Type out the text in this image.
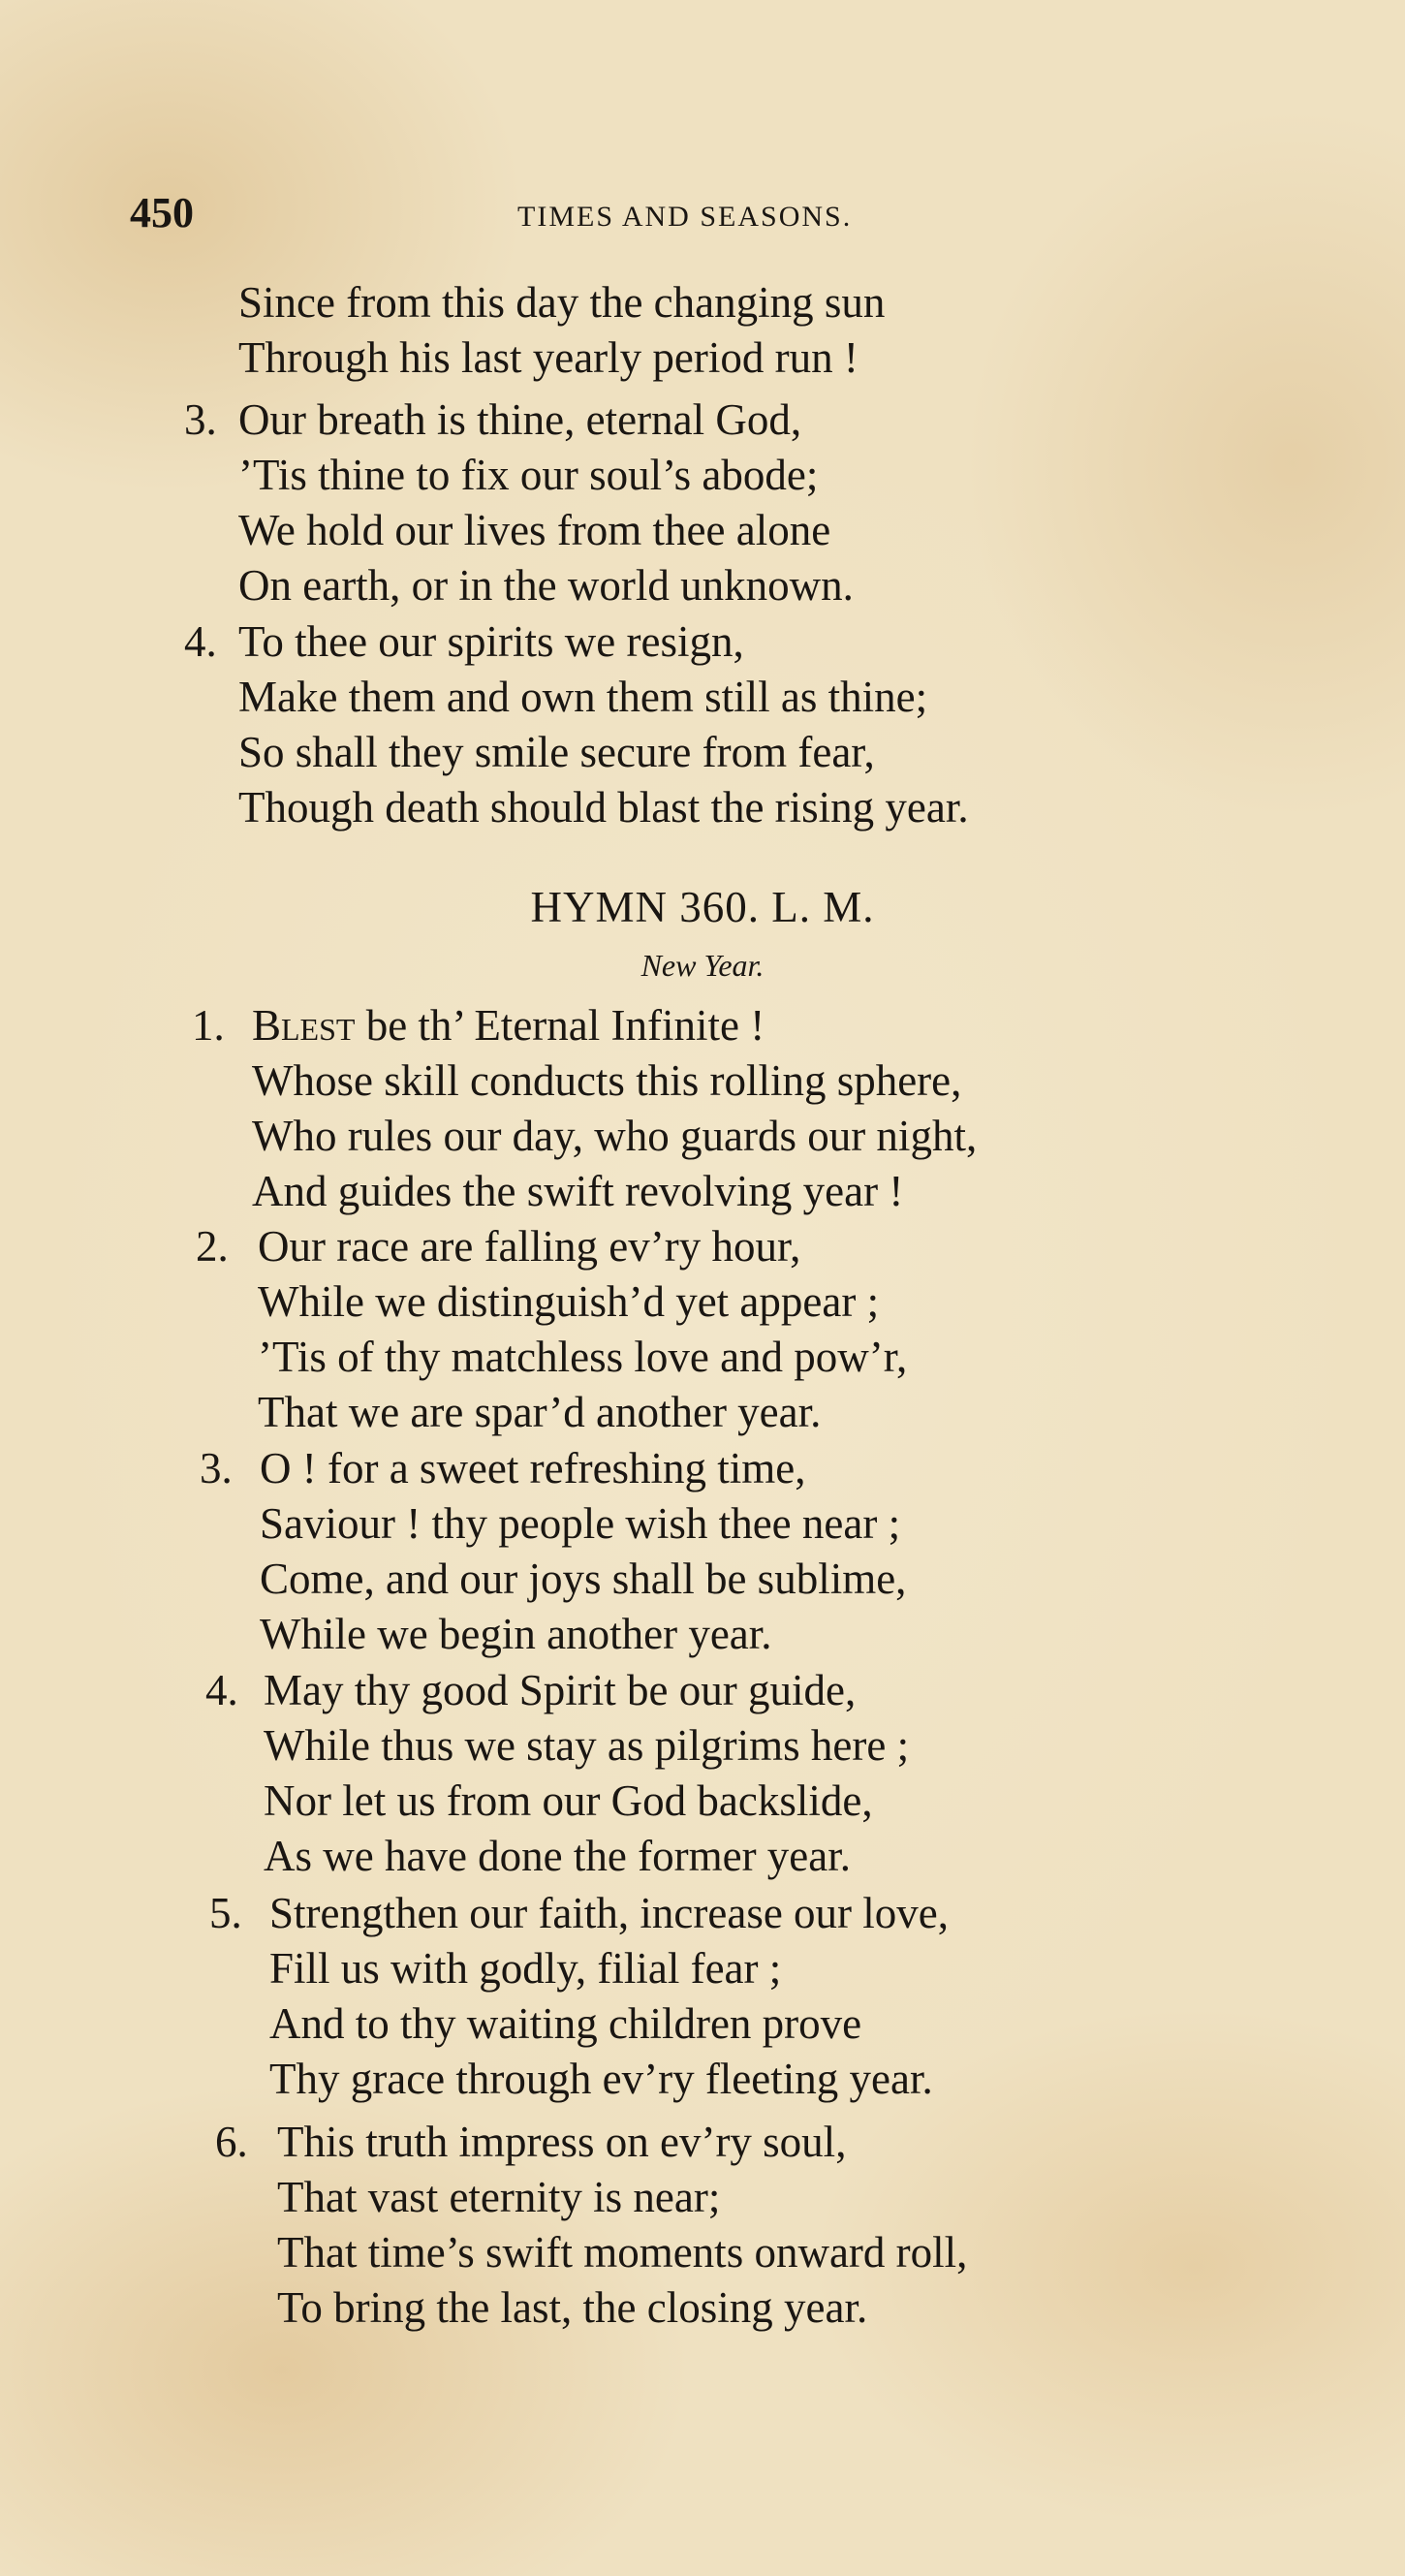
450	TIMES AND SEASONS.
Since from this day the changing sun
Through his last yearly period run !
3. Our breath is thine, eternal God,
’Tis thine to fix our soul’s abode;
We hold our lives from thee alone
On earth, or in the world unknown.
4. To thee our spirits we resign,
Make them and own them still as thine;
So shall they smile secure from fear,
Though death should blast the rising year.
HYMN 360. L. M.
New Year.
1. Blest be th’ Eternal Infinite !
Whose skill conducts this rolling sphere,
Who rules our day, who guards our night,
And guides the swift revolving year !
2. Our race are falling ev’ry hour,
While we distinguish’d yet appear ;
’Tis of thy matchless love and pow’r,
That we are spar’d another year.
3. O ! for a sweet refreshing time,
Saviour ! thy people wish thee near ;
Come, and our joys shall be sublime,
While we begin another year.
4. May thy good Spirit be our guide,
While thus we stay as pilgrims here ;
Nor let us from our God backslide,
As we have done the former year.
5. Strengthen our faith, increase our love,
Fill us with godly, filial fear ;
And to thy waiting children prove
Thy grace through ev’ry fleeting year.
6. This truth impress on ev’ry soul,
That vast eternity is near;
That time’s swift moments onward roll,
To bring the last, the closing year.
